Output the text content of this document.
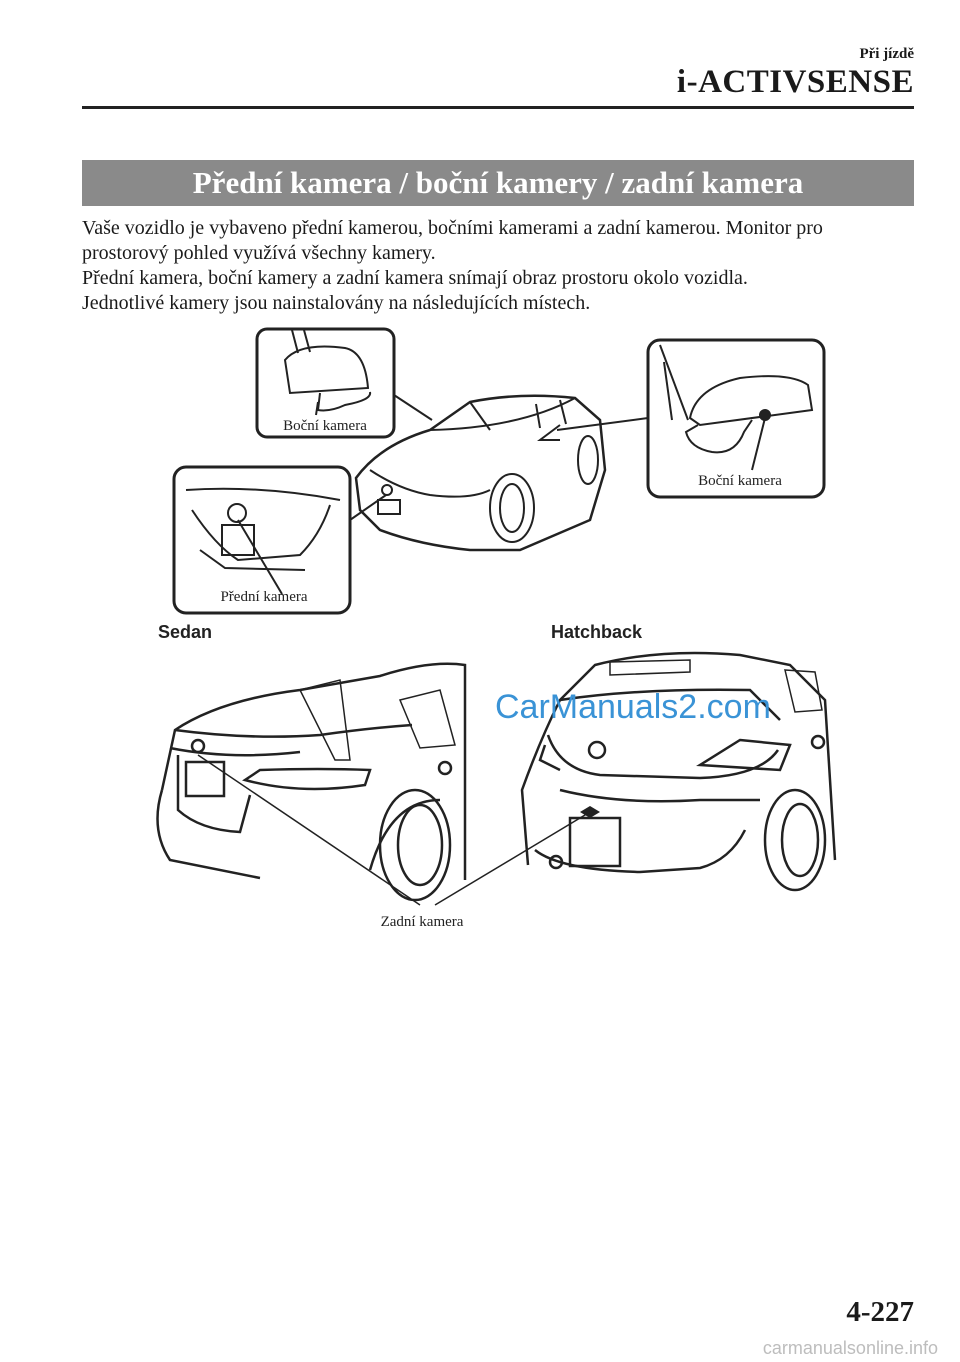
Při jízdě
i-ACTIVSENSE
Přední kamera / boční kamery / zadní kamera

Vaše vozidlo je vybaveno přední kamerou, bočními kamerami a zadní kamerou. Monitor pro prostorový pohled využívá všechny kamery.

Přední kamera, boční kamery a zadní kamera snímají obraz prostoru okolo vozidla.

Jednotlivé kamery jsou nainstalovány na následujících místech.

Boční kamera
Boční kamera
Přední kamera
Sedan	Hatchback
CarManuals2.com
Zadní kamera
4-227
carmanualsonline.info
